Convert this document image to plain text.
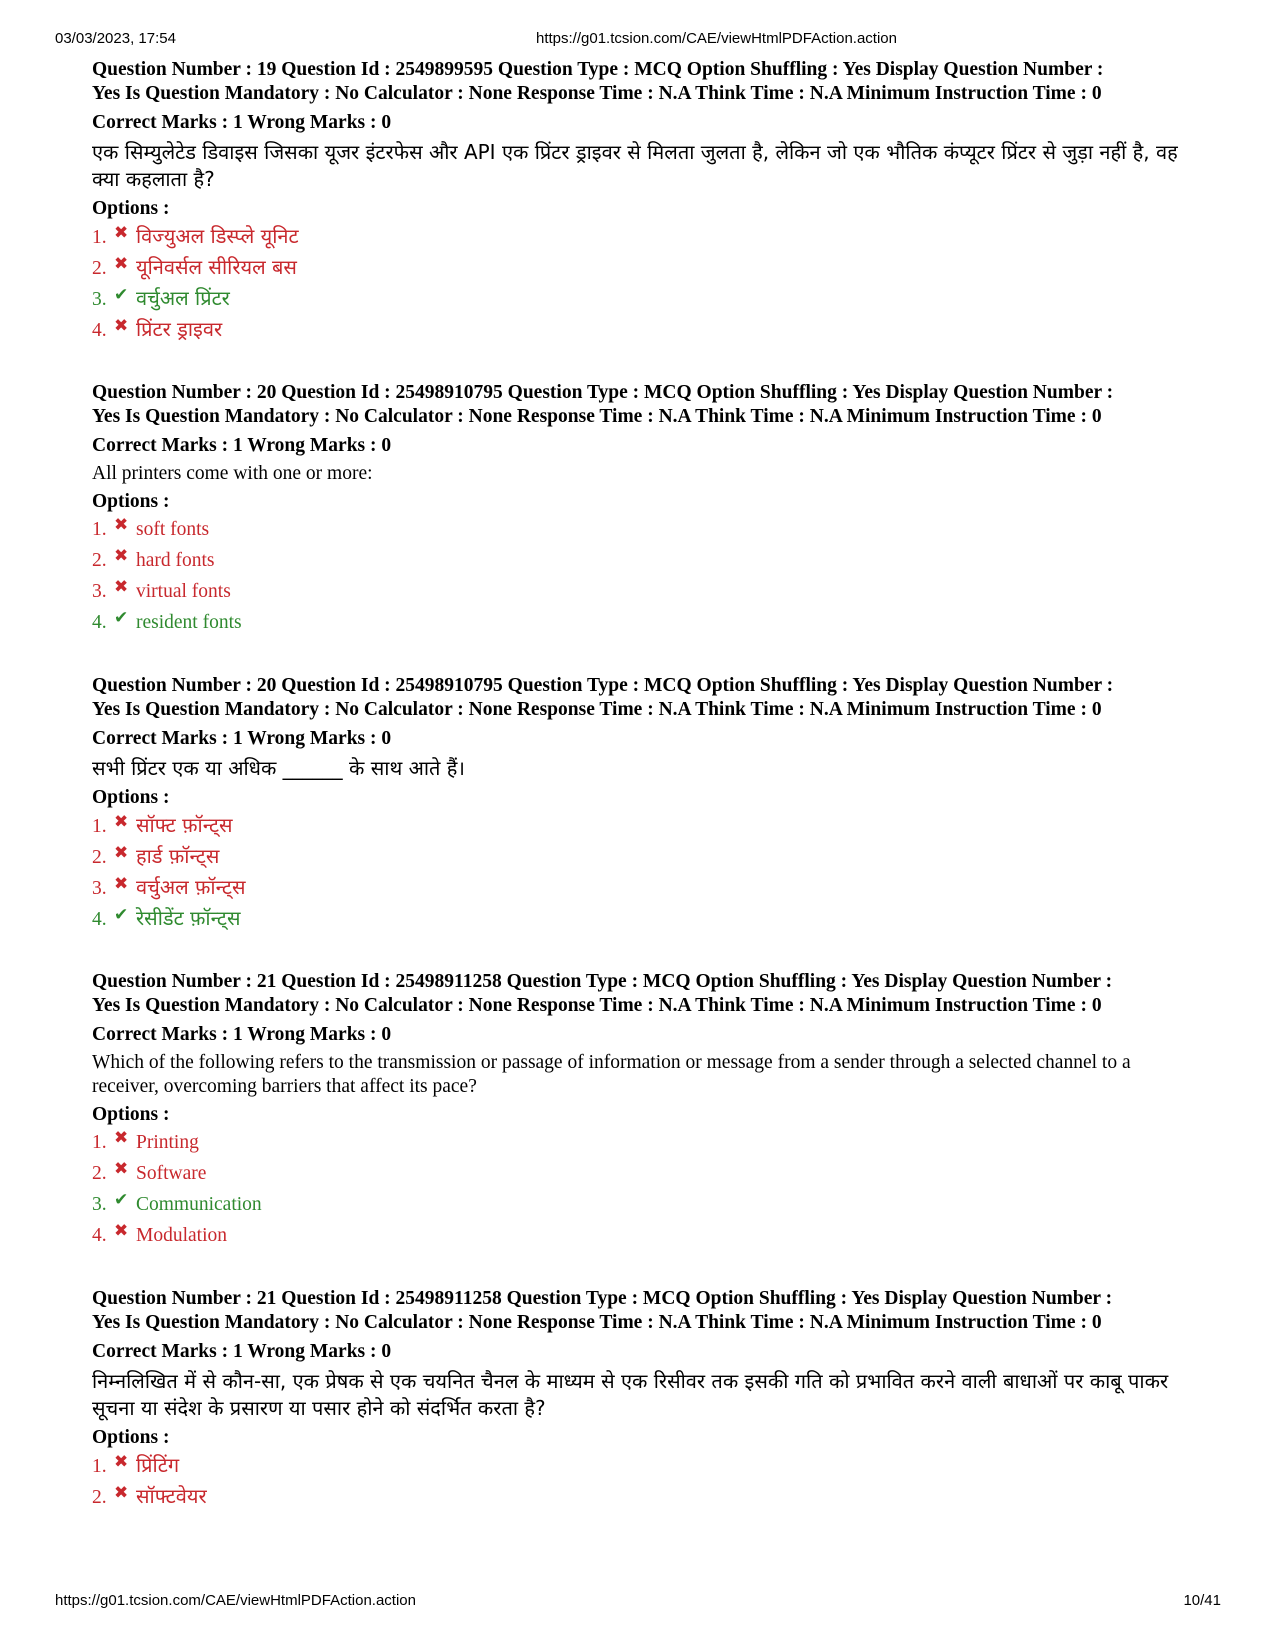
03/03/2023, 17:54	https://g01.tcsion.com/CAE/viewHtmlPDFAction.action
Question Number : 19 Question Id : 2549899595 Question Type : MCQ Option Shuffling : Yes Display Question Number :
Yes Is Question Mandatory : No Calculator : None Response Time : N.A Think Time : N.A Minimum Instruction Time : 0
Correct Marks : 1 Wrong Marks : 0
एक सिम्युलेटेड डिवाइस जिसका यूजर इंटरफेस और API एक प्रिंटर ड्राइवर से मिलता जुलता है, लेकिन जो एक भौतिक कंप्यूटर प्रिंटर से जुड़ा नहीं है, वह क्या कहलाता है?
Options :
1. ✖ विज्युअल डिस्प्ले यूनिट
2. ✖ यूनिवर्सल सीरियल बस
3. ✔ वर्चुअल प्रिंटर
4. ✖ प्रिंटर ड्राइवर
Question Number : 20 Question Id : 25498910795 Question Type : MCQ Option Shuffling : Yes Display Question Number :
Yes Is Question Mandatory : No Calculator : None Response Time : N.A Think Time : N.A Minimum Instruction Time : 0
Correct Marks : 1 Wrong Marks : 0
All printers come with one or more:
Options :
1. ✖ soft fonts
2. ✖ hard fonts
3. ✖ virtual fonts
4. ✔ resident fonts
Question Number : 20 Question Id : 25498910795 Question Type : MCQ Option Shuffling : Yes Display Question Number :
Yes Is Question Mandatory : No Calculator : None Response Time : N.A Think Time : N.A Minimum Instruction Time : 0
Correct Marks : 1 Wrong Marks : 0
सभी प्रिंटर एक या अधिक ______ के साथ आते हैं।
Options :
1. ✖ सॉफ्ट फ़ॉन्ट्स
2. ✖ हार्ड फ़ॉन्ट्स
3. ✖ वर्चुअल फ़ॉन्ट्स
4. ✔ रेसीडेंट फ़ॉन्ट्स
Question Number : 21 Question Id : 25498911258 Question Type : MCQ Option Shuffling : Yes Display Question Number :
Yes Is Question Mandatory : No Calculator : None Response Time : N.A Think Time : N.A Minimum Instruction Time : 0
Correct Marks : 1 Wrong Marks : 0
Which of the following refers to the transmission or passage of information or message from a sender through a selected channel to a receiver, overcoming barriers that affect its pace?
Options :
1. ✖ Printing
2. ✖ Software
3. ✔ Communication
4. ✖ Modulation
Question Number : 21 Question Id : 25498911258 Question Type : MCQ Option Shuffling : Yes Display Question Number :
Yes Is Question Mandatory : No Calculator : None Response Time : N.A Think Time : N.A Minimum Instruction Time : 0
Correct Marks : 1 Wrong Marks : 0
निम्नलिखित में से कौन-सा, एक प्रेषक से एक चयनित चैनल के माध्यम से एक रिसीवर तक इसकी गति को प्रभावित करने वाली बाधाओं पर काबू पाकर सूचना या संदेश के प्रसारण या पसार होने को संदर्भित करता है?
Options :
1. ✖ प्रिंटिंग
2. ✖ सॉफ्टवेयर
https://g01.tcsion.com/CAE/viewHtmlPDFAction.action	10/41
